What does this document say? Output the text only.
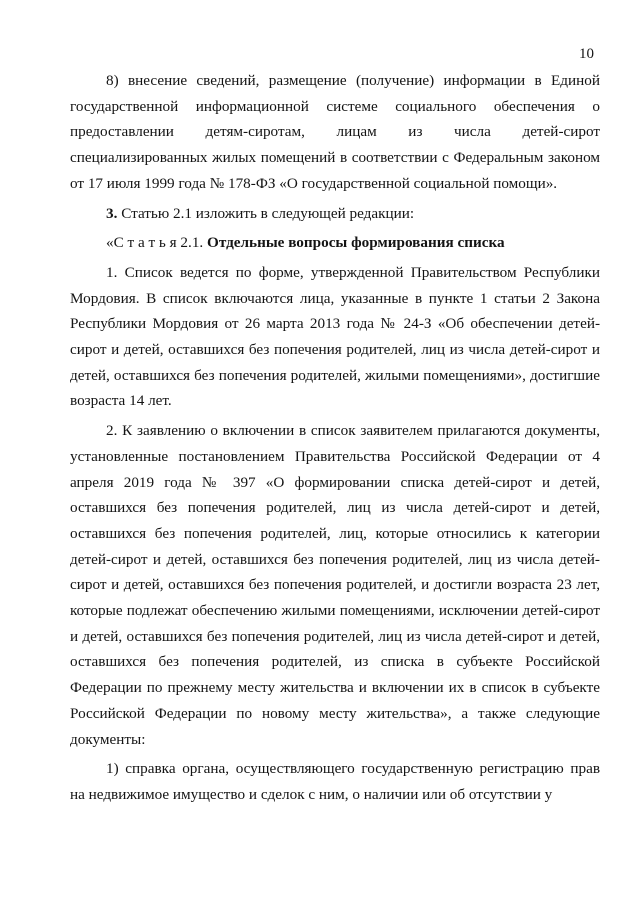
10

8) внесение сведений, размещение (получение) информации в Единой государственной информационной системе социального обеспечения о предоставлении детям-сиротам, лицам из числа детей-сирот специализированных жилых помещений в соответствии с Федеральным законом от 17 июля 1999 года № 178-ФЗ «О государственной социальной помощи».

3. Статью 2.1 изложить в следующей редакции:

«С т а т ь я 2.1. Отдельные вопросы формирования списка

1. Список ведется по форме, утвержденной Правительством Республики Мордовия. В список включаются лица, указанные в пункте 1 статьи 2 Закона Республики Мордовия от 26 марта 2013 года № 24-З «Об обеспечении детей-сирот и детей, оставшихся без попечения родителей, лиц из числа детей-сирот и детей, оставшихся без попечения родителей, жилыми помещениями», достигшие возраста 14 лет.

2. К заявлению о включении в список заявителем прилагаются документы, установленные постановлением Правительства Российской Федерации от 4 апреля 2019 года № 397 «О формировании списка детей-сирот и детей, оставшихся без попечения родителей, лиц из числа детей-сирот и детей, оставшихся без попечения родителей, лиц, которые относились к категории детей-сирот и детей, оставшихся без попечения родителей, лиц из числа детей-сирот и детей, оставшихся без попечения родителей, и достигли возраста 23 лет, которые подлежат обеспечению жилыми помещениями, исключении детей-сирот и детей, оставшихся без попечения родителей, лиц из числа детей-сирот и детей, оставшихся без попечения родителей, из списка в субъекте Российской Федерации по прежнему месту жительства и включении их в список в субъекте Российской Федерации по новому месту жительства», а также следующие документы:

1) справка органа, осуществляющего государственную регистрацию прав на недвижимое имущество и сделок с ним, о наличии или об отсутствии у
